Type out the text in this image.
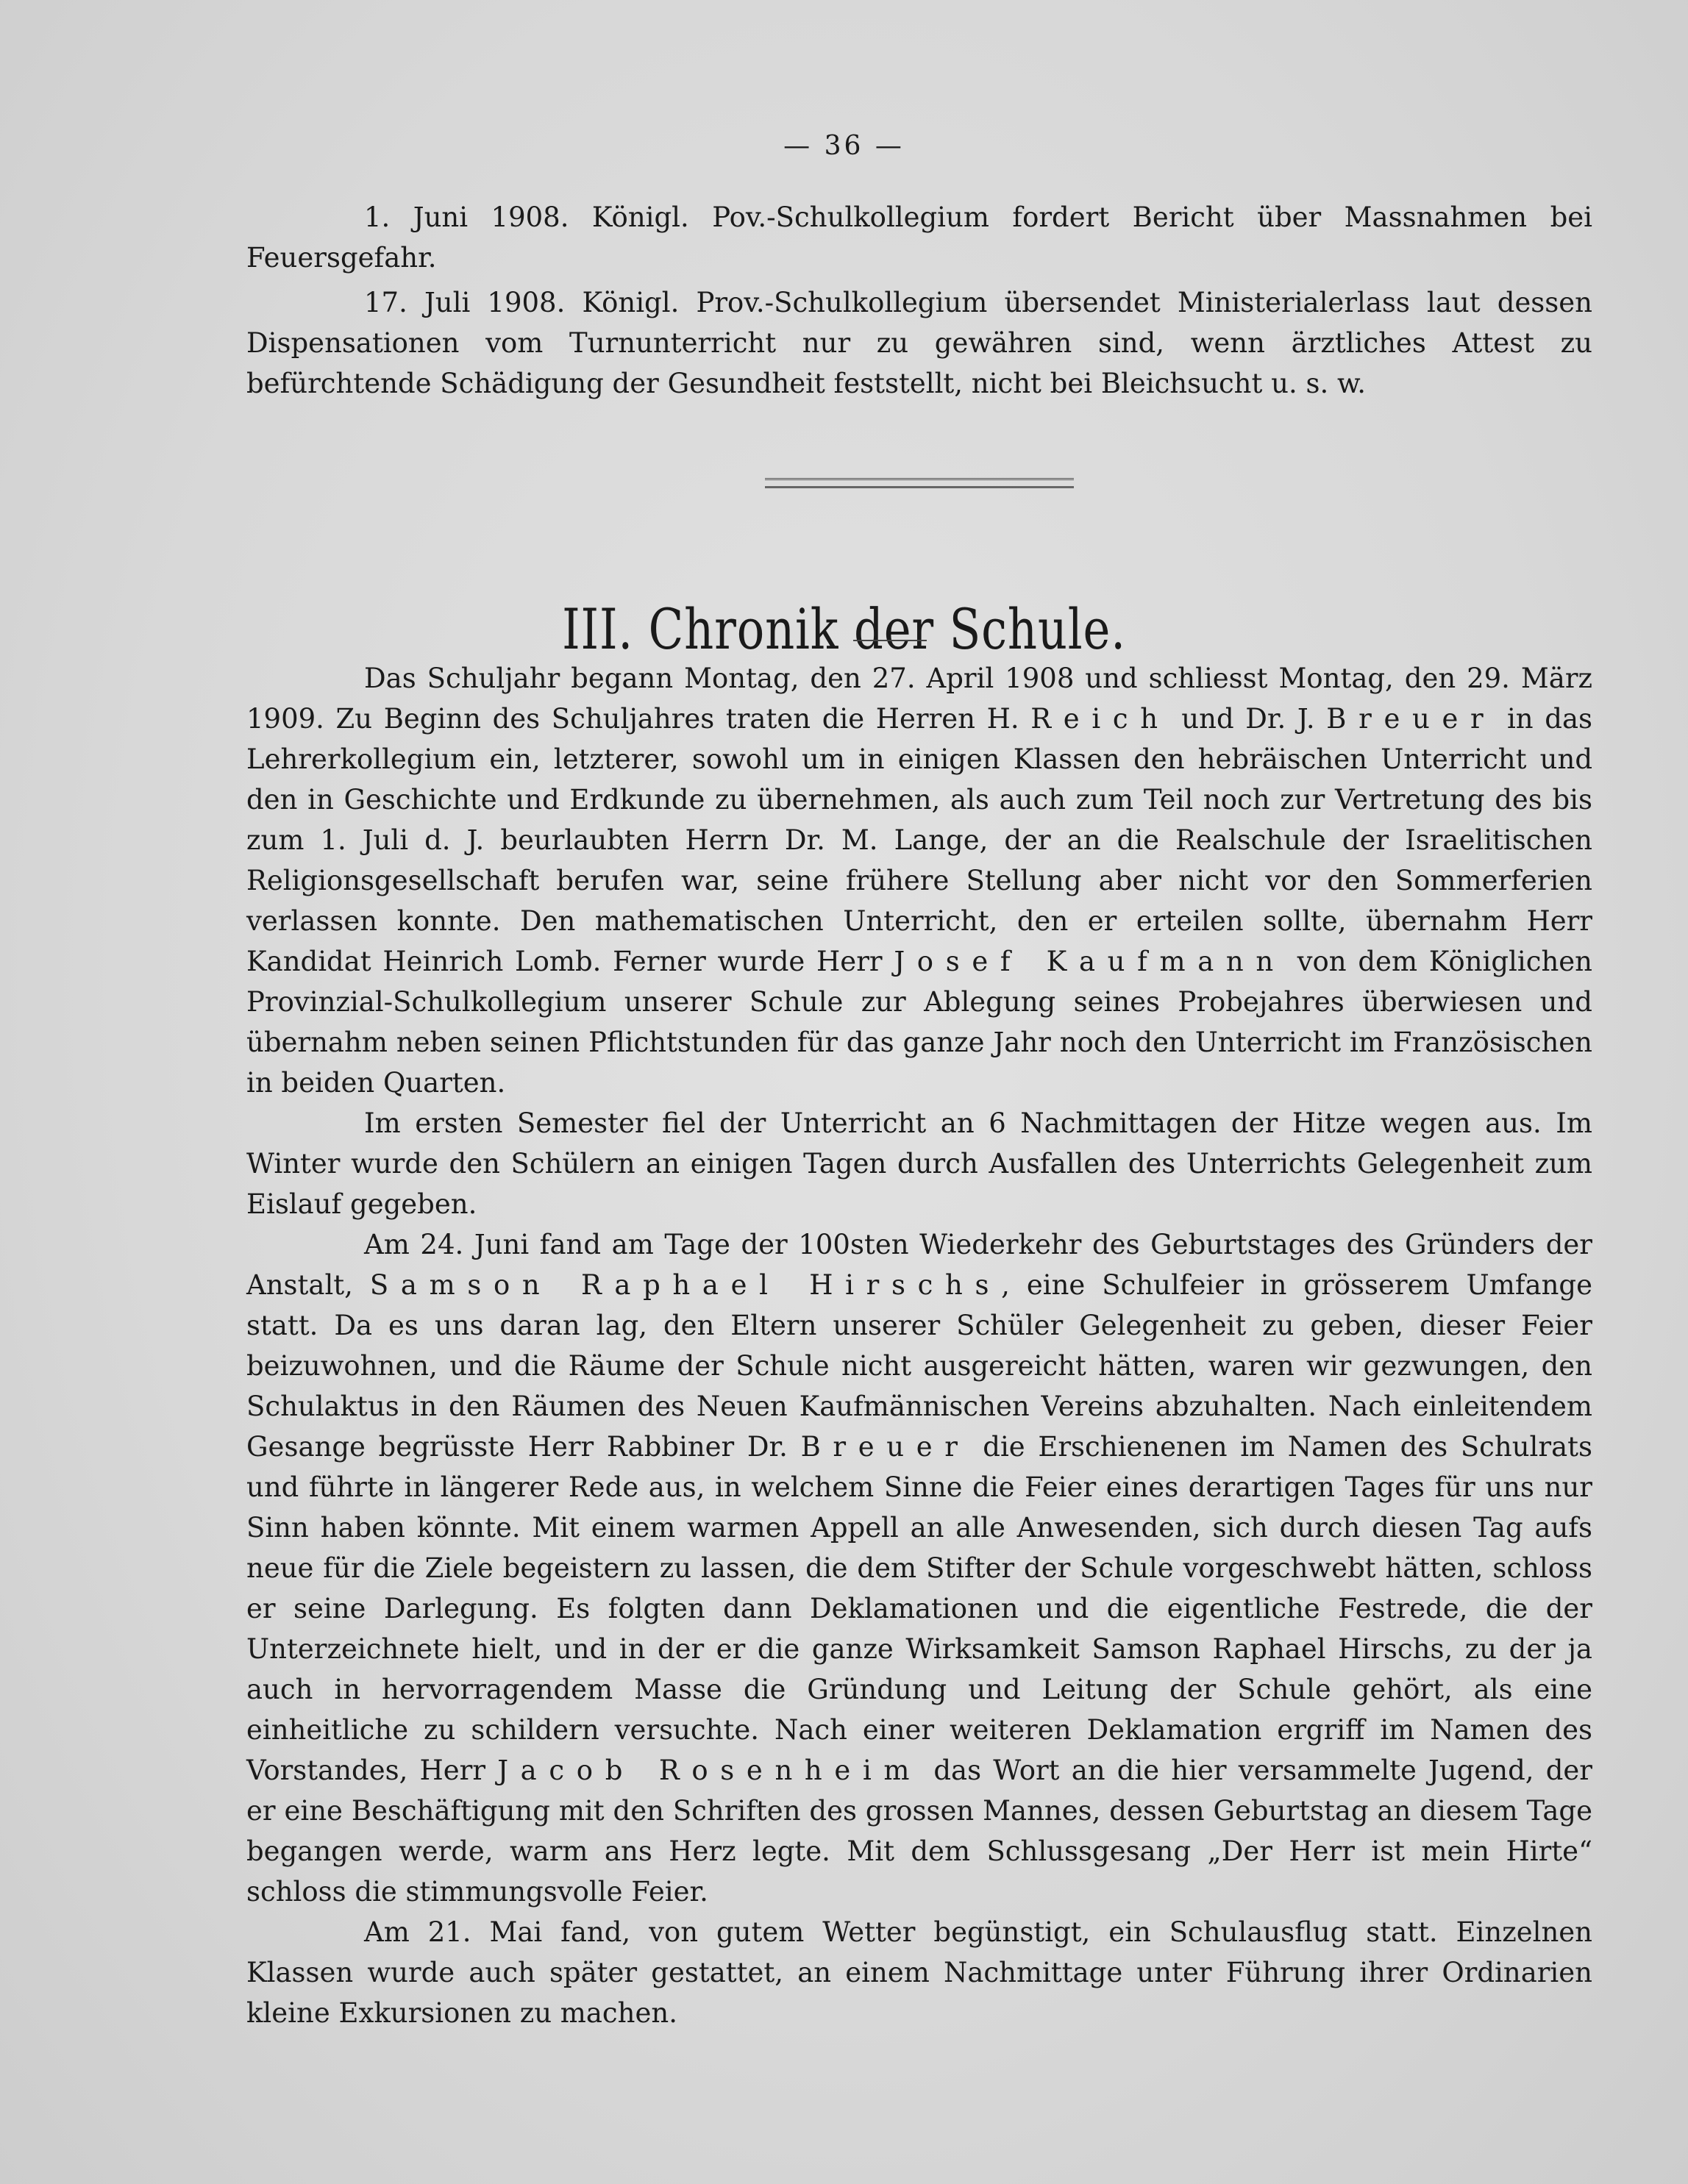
— 36 —

1. Juni 1908. Königl. Pov.-Schulkollegium fordert Bericht über Massnahmen bei Feuersgefahr.

17. Juli 1908. Königl. Prov.-Schulkollegium übersendet Ministerialerlass laut dessen Dispensationen vom Turnunterricht nur zu gewähren sind, wenn ärztliches Attest zu befürchtende Schädigung der Gesundheit feststellt, nicht bei Bleichsucht u. s. w.

III. Chronik der Schule.

Das Schuljahr begann Montag, den 27. April 1908 und schliesst Montag, den 29. März 1909. Zu Beginn des Schuljahres traten die Herren H. Reich und Dr. J. Breuer in das Lehrerkollegium ein, letzterer, sowohl um in einigen Klassen den hebräischen Unterricht und den in Geschichte und Erdkunde zu übernehmen, als auch zum Teil noch zur Vertretung des bis zum 1. Juli d. J. beurlaubten Herrn Dr. M. Lange, der an die Realschule der Israelitischen Religionsgesellschaft berufen war, seine frühere Stellung aber nicht vor den Sommerferien verlassen konnte. Den mathematischen Unterricht, den er erteilen sollte, übernahm Herr Kandidat Heinrich Lomb. Ferner wurde Herr Josef Kaufmann von dem Königlichen Provinzial-Schulkollegium unserer Schule zur Ablegung seines Probejahres überwiesen und übernahm neben seinen Pflichtstunden für das ganze Jahr noch den Unterricht im Französischen in beiden Quarten.

Im ersten Semester fiel der Unterricht an 6 Nachmittagen der Hitze wegen aus. Im Winter wurde den Schülern an einigen Tagen durch Ausfallen des Unterrichts Gelegenheit zum Eislauf gegeben.

Am 24. Juni fand am Tage der 100sten Wiederkehr des Geburtstages des Gründers der Anstalt, Samson Raphael Hirschs, eine Schulfeier in grösserem Umfange statt. Da es uns daran lag, den Eltern unserer Schüler Gelegenheit zu geben, dieser Feier beizuwohnen, und die Räume der Schule nicht ausgereicht hätten, waren wir gezwungen, den Schulaktus in den Räumen des Neuen Kaufmännischen Vereins abzuhalten. Nach einleitendem Gesange begrüsste Herr Rabbiner Dr. Breuer die Erschienenen im Namen des Schulrats und führte in längerer Rede aus, in welchem Sinne die Feier eines derartigen Tages für uns nur Sinn haben könnte. Mit einem warmen Appell an alle Anwesenden, sich durch diesen Tag aufs neue für die Ziele begeistern zu lassen, die dem Stifter der Schule vorgeschwebt hätten, schloss er seine Darlegung. Es folgten dann Deklamationen und die eigentliche Festrede, die der Unterzeichnete hielt, und in der er die ganze Wirksamkeit Samson Raphael Hirschs, zu der ja auch in hervorragendem Masse die Gründung und Leitung der Schule gehört, als eine einheitliche zu schildern versuchte. Nach einer weiteren Deklamation ergriff im Namen des Vorstandes, Herr Jacob Rosenheim das Wort an die hier versammelte Jugend, der er eine Beschäftigung mit den Schriften des grossen Mannes, dessen Geburtstag an diesem Tage begangen werde, warm ans Herz legte. Mit dem Schlussgesang „Der Herr ist mein Hirte“ schloss die stimmungsvolle Feier.

Am 21. Mai fand, von gutem Wetter begünstigt, ein Schulausflug statt. Einzelnen Klassen wurde auch später gestattet, an einem Nachmittage unter Führung ihrer Ordinarien kleine Exkursionen zu machen.
